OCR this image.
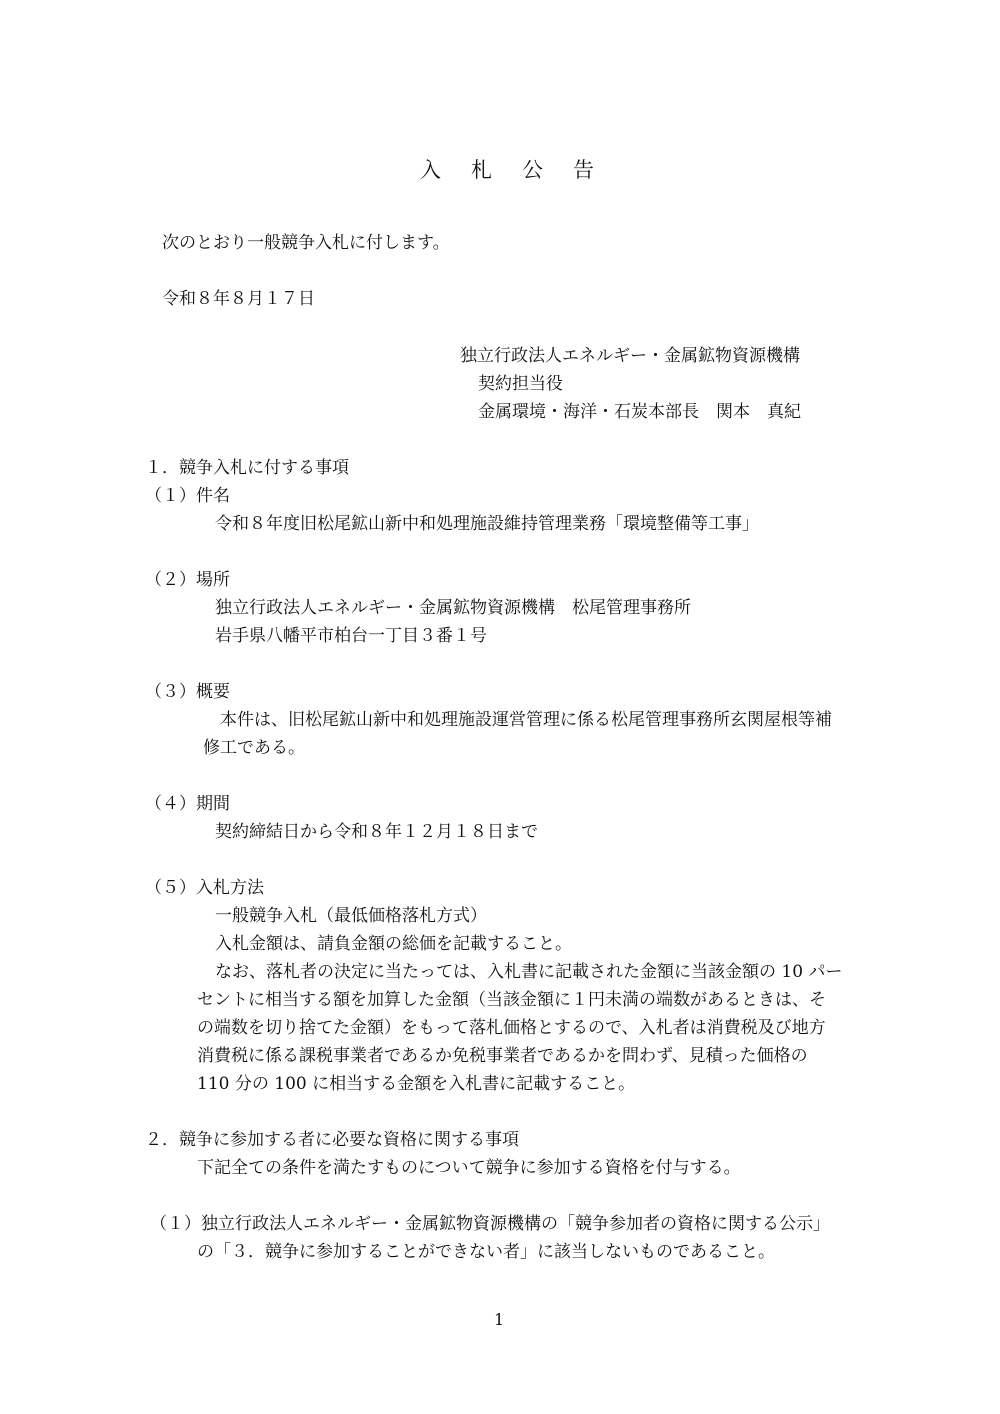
入札公告
次のとおり一般競争入札に付します。
令和８年８月１７日
独立行政法人エネルギー・金属鉱物資源機構
契約担当役
金属環境・海洋・石炭本部長　関本　真紀
１．競争入札に付する事項
（１）件名
令和８年度旧松尾鉱山新中和処理施設維持管理業務「環境整備等工事」
（２）場所
独立行政法人エネルギー・金属鉱物資源機構　松尾管理事務所
岩手県八幡平市柏台一丁目３番１号
（３）概要
本件は、旧松尾鉱山新中和処理施設運営管理に係る松尾管理事務所玄関屋根等補
修工である。
（４）期間
契約締結日から令和８年１２月１８日まで
（５）入札方法
一般競争入札（最低価格落札方式）
入札金額は、請負金額の総価を記載すること。
なお、落札者の決定に当たっては、入札書に記載された金額に当該金額の 10 パー
セントに相当する額を加算した金額（当該金額に１円未満の端数があるときは、そ
の端数を切り捨てた金額）をもって落札価格とするので、入札者は消費税及び地方
消費税に係る課税事業者であるか免税事業者であるかを問わず、見積った価格の
110 分の 100 に相当する金額を入札書に記載すること。
２．競争に参加する者に必要な資格に関する事項
下記全ての条件を満たすものについて競争に参加する資格を付与する。
（１）独立行政法人エネルギー・金属鉱物資源機構の「競争参加者の資格に関する公示」
の「３．競争に参加することができない者」に該当しないものであること。
1
